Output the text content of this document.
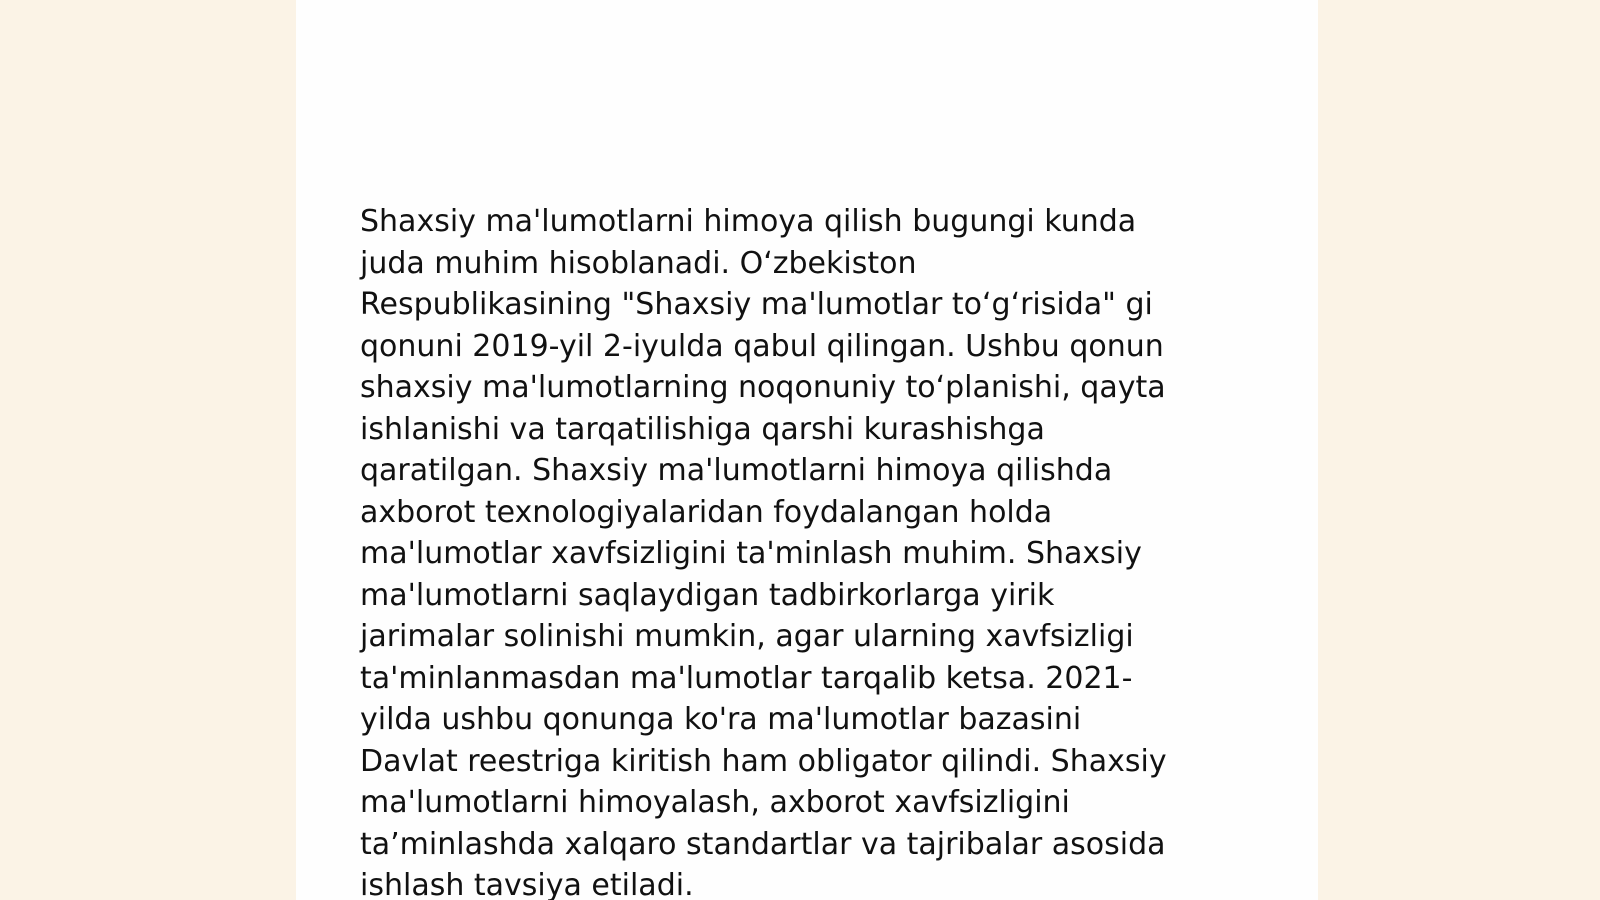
Shaxsiy ma'lumotlarni himoya qilish bugungi kunda
juda muhim hisoblanadi. Oʻzbekiston
Respublikasining "Shaxsiy ma'lumotlar toʻgʻrisida" gi
qonuni 2019-yil 2-iyulda qabul qilingan. Ushbu qonun
shaxsiy ma'lumotlarning noqonuniy toʻplanishi, qayta
ishlanishi va tarqatilishiga qarshi kurashishga
qaratilgan. Shaxsiy ma'lumotlarni himoya qilishda
axborot texnologiyalaridan foydalangan holda
ma'lumotlar xavfsizligini ta'minlash muhim. Shaxsiy
ma'lumotlarni saqlaydigan tadbirkorlarga yirik
jarimalar solinishi mumkin, agar ularning xavfsizligi
ta'minlanmasdan ma'lumotlar tarqalib ketsa. 2021-
yilda ushbu qonunga ko'ra ma'lumotlar bazasini
Davlat reestriga kiritish ham obligator qilindi. Shaxsiy
ma'lumotlarni himoyalash, axborot xavfsizligini
taʼminlashda xalqaro standartlar va tajribalar asosida
ishlash tavsiya etiladi.
